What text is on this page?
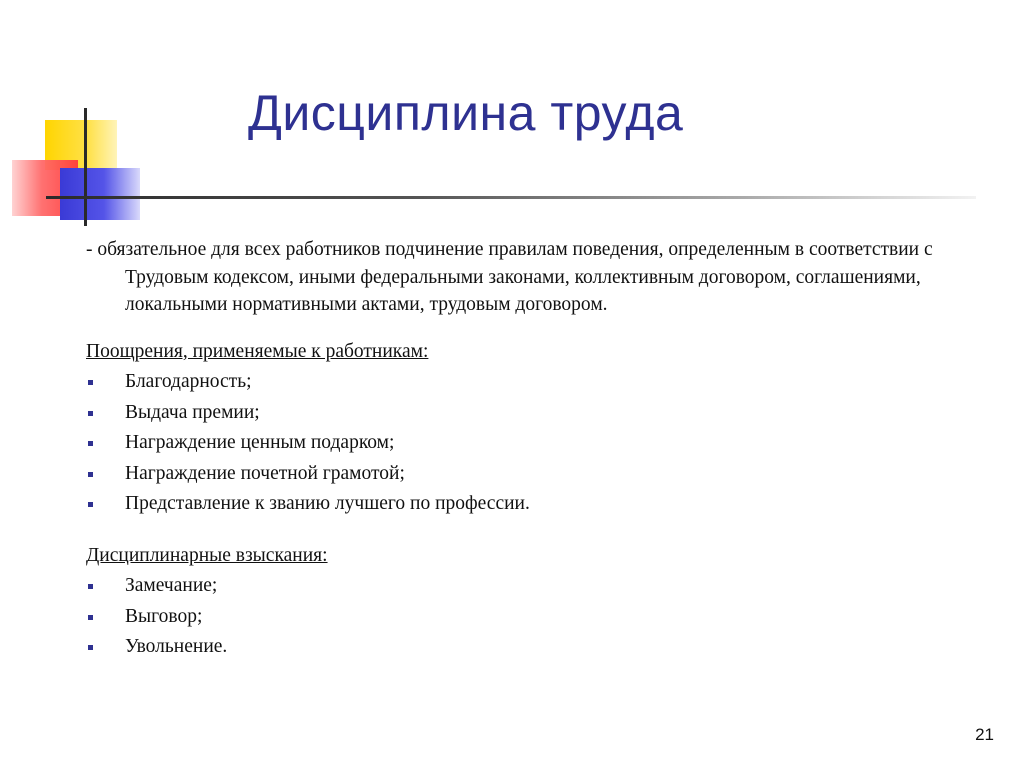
Дисциплина труда

- обязательное для всех работников подчинение правилам поведения, определенным в соответствии с Трудовым кодексом, иными федеральными законами, коллективным договором, соглашениями, локальными нормативными актами, трудовым договором.

Поощрения, применяемые к работникам:

Благодарность;
Выдача премии;
Награждение ценным подарком;
Награждение почетной грамотой;
Представление к званию лучшего по профессии.

Дисциплинарные взыскания:

Замечание;
Выговор;
Увольнение.
21
